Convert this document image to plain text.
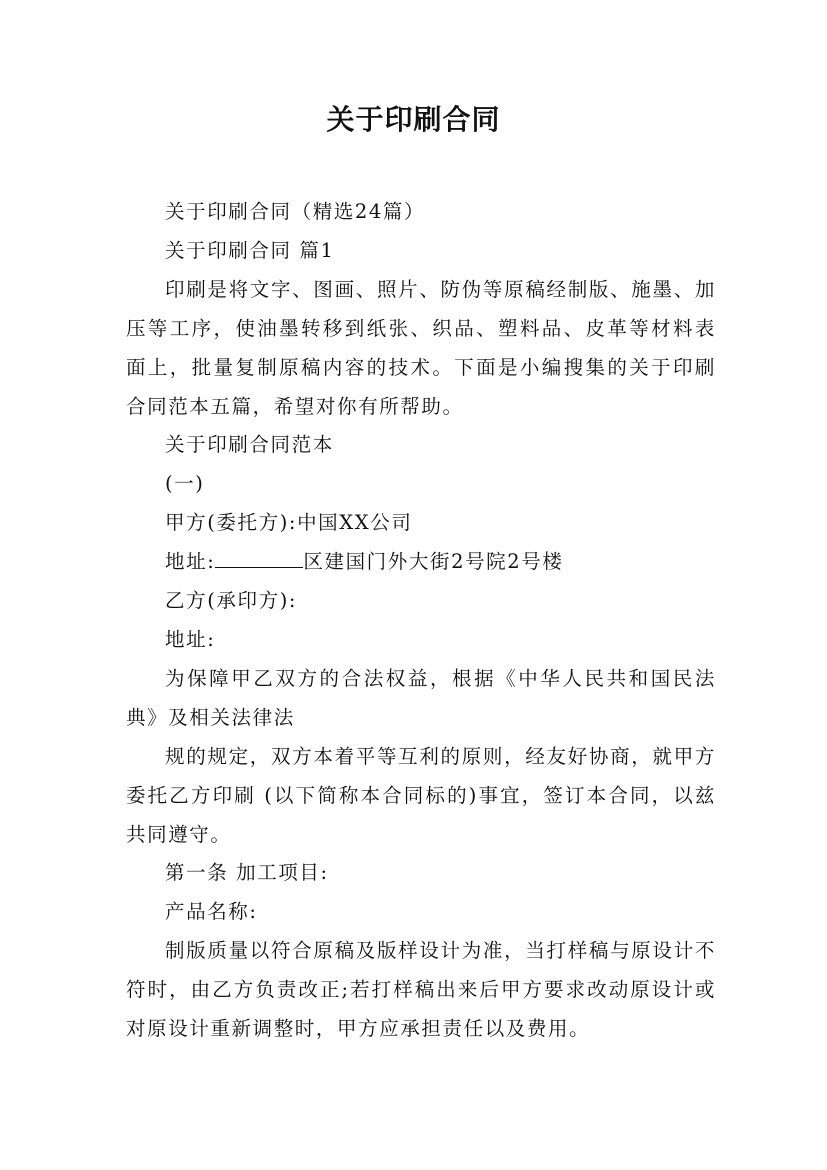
关于印刷合同

关于印刷合同（精选24篇）

关于印刷合同 篇1

印刷是将文字、图画、照片、防伪等原稿经制版、施墨、加压等工序，使油墨转移到纸张、织品、塑料品、皮革等材料表面上，批量复制原稿内容的技术。下面是小编搜集的关于印刷合同范本五篇，希望对你有所帮助。

关于印刷合同范本

(一)

甲方(委托方):中国XX公司

地址:	区建国门外大街2号院2号楼

乙方(承印方):

地址:

为保障甲乙双方的合法权益，根据《中华人民共和国民法典》及相关法律法

规的规定，双方本着平等互利的原则，经友好协商，就甲方委托乙方印刷 (以下简称本合同标的)事宜，签订本合同，以兹共同遵守。

第一条 加工项目:

产品名称:

制版质量以符合原稿及版样设计为准，当打样稿与原设计不符时，由乙方负责改正;若打样稿出来后甲方要求改动原设计或对原设计重新调整时，甲方应承担责任以及费用。
